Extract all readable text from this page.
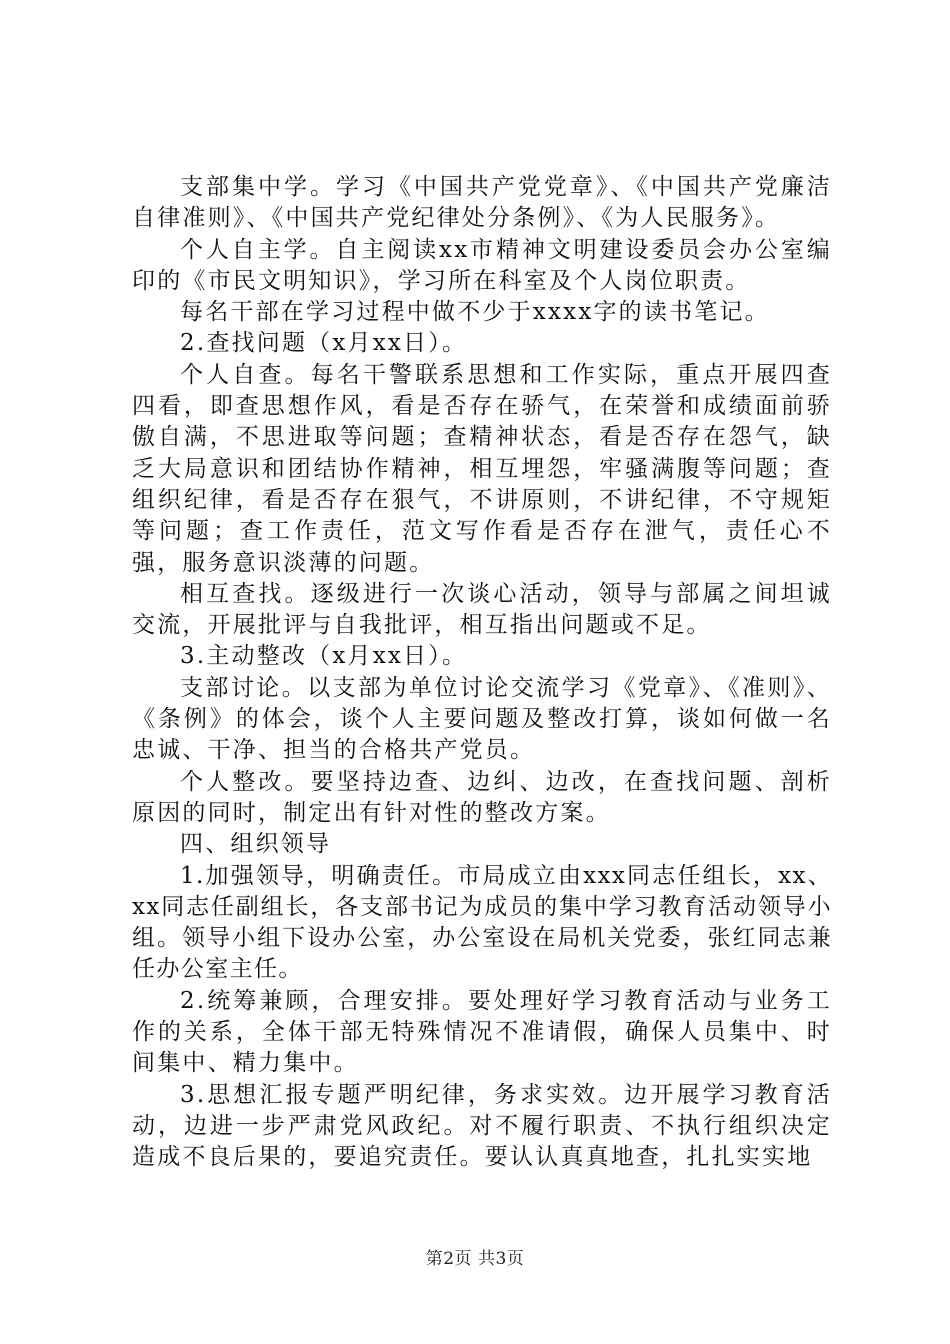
支部集中学。学习《中国共产党党章》、《中国共产党廉洁自律准则》、《中国共产党纪律处分条例》、《为人民服务》。

个人自主学。自主阅读xx市精神文明建设委员会办公室编印的《市民文明知识》，学习所在科室及个人岗位职责。

每名干部在学习过程中做不少于xxxx字的读书笔记。

2.查找问题（x月xx日）。

个人自查。每名干警联系思想和工作实际，重点开展四查四看，即查思想作风，看是否存在骄气，在荣誉和成绩面前骄傲自满，不思进取等问题；查精神状态，看是否存在怨气，缺乏大局意识和团结协作精神，相互埋怨，牢骚满腹等问题；查组织纪律，看是否存在狠气，不讲原则，不讲纪律，不守规矩等问题；查工作责任，范文写作看是否存在泄气，责任心不强，服务意识淡薄的问题。

相互查找。逐级进行一次谈心活动，领导与部属之间坦诚交流，开展批评与自我批评，相互指出问题或不足。

3.主动整改（x月xx日）。

支部讨论。以支部为单位讨论交流学习《党章》、《准则》、《条例》的体会，谈个人主要问题及整改打算，谈如何做一名忠诚、干净、担当的合格共产党员。

个人整改。要坚持边查、边纠、边改，在查找问题、剖析原因的同时，制定出有针对性的整改方案。

四、组织领导

1.加强领导，明确责任。市局成立由xxx同志任组长，xx、xx同志任副组长，各支部书记为成员的集中学习教育活动领导小组。领导小组下设办公室，办公室设在局机关党委，张红同志兼任办公室主任。

2.统筹兼顾，合理安排。要处理好学习教育活动与业务工作的关系，全体干部无特殊情况不准请假，确保人员集中、时间集中、精力集中。

3.思想汇报专题严明纪律，务求实效。边开展学习教育活动，边进一步严肃党风政纪。对不履行职责、不执行组织决定造成不良后果的，要追究责任。要认认真真地查，扎扎实实地

第2页 共3页
